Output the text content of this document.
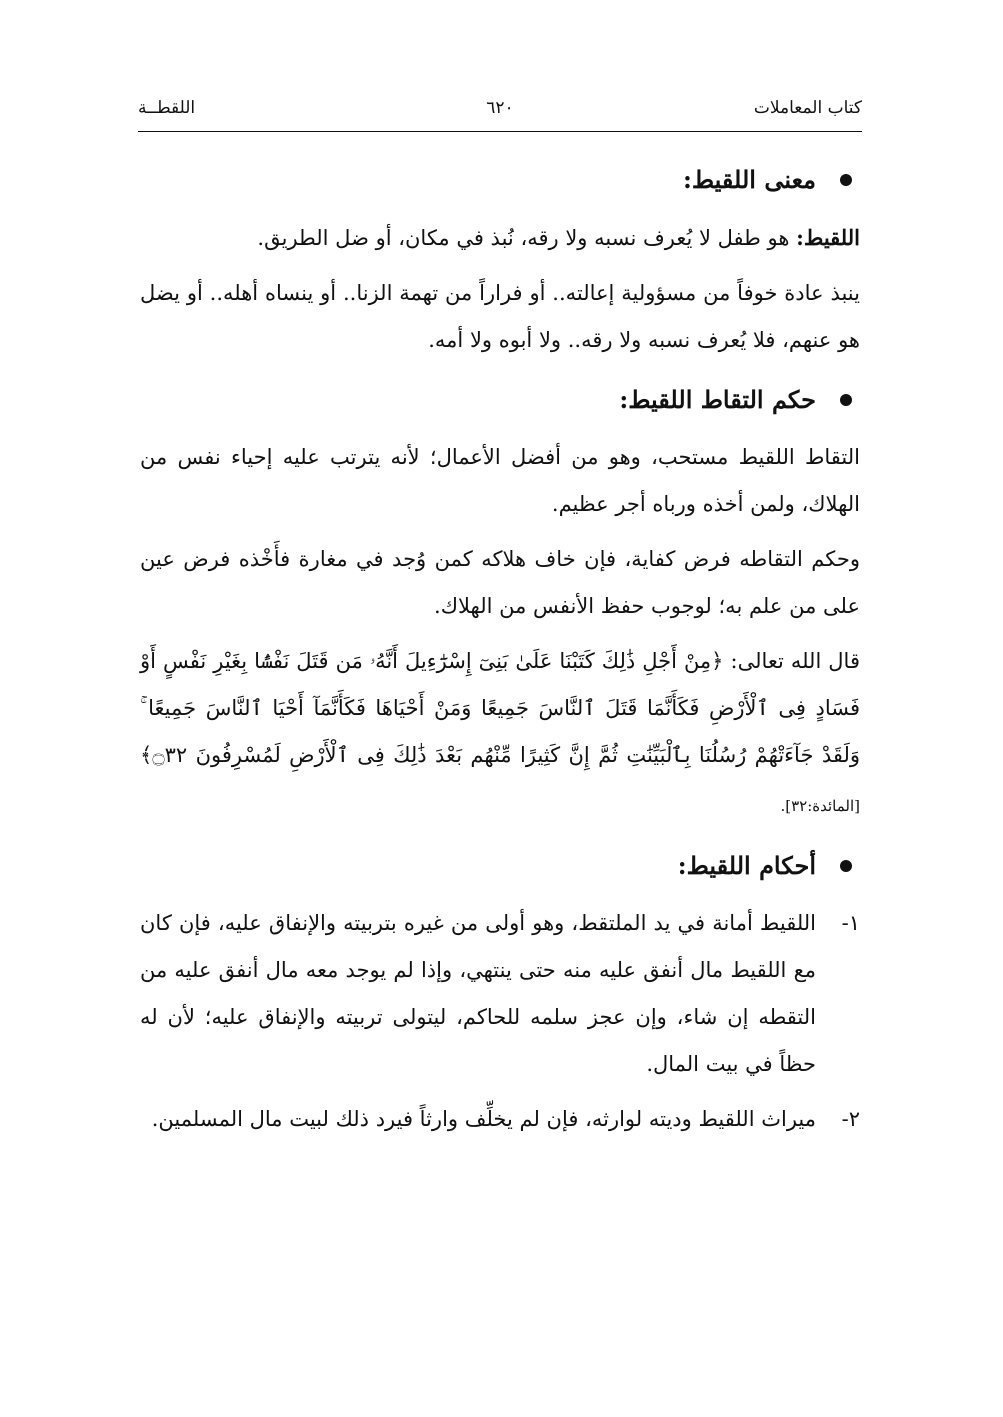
كتاب المعاملات
٦٢٠
اللقطــة
معنى اللقيط:
اللقيط: هو طفل لا يُعرف نسبه ولا رقه، نُبذ في مكان، أو ضل الطريق.
ينبذ عادة خوفاً من مسؤولية إعالته.. أو فراراً من تهمة الزنا.. أو ينساه أهله.. أو يضل هو عنهم، فلا يُعرف نسبه ولا رقه.. ولا أبوه ولا أمه.
حكم التقاط اللقيط:
التقاط اللقيط مستحب، وهو من أفضل الأعمال؛ لأنه يترتب عليه إحياء نفس من الهلاك، ولمن أخذه ورباه أجر عظيم.
وحكم التقاطه فرض كفاية، فإن خاف هلاكه كمن وُجد في مغارة فأَخْذه فرض عين على من علم به؛ لوجوب حفظ الأنفس من الهلاك.
قال الله تعالى: ﴿مِنْ أَجْلِ ذَٰلِكَ كَتَبْنَا عَلَىٰ بَنِىٓ إِسْرَٰٓءِيلَ أَنَّهُۥ مَن قَتَلَ نَفْسًۢا بِغَيْرِ نَفْسٍ أَوْ فَسَادٍ فِى ٱلْأَرْضِ فَكَأَنَّمَا قَتَلَ ٱلنَّاسَ جَمِيعًا وَمَنْ أَحْيَاهَا فَكَأَنَّمَآ أَحْيَا ٱلنَّاسَ جَمِيعًا ۚ وَلَقَدْ جَآءَتْهُمْ رُسُلُنَا بِٱلْبَيِّنَٰتِ ثُمَّ إِنَّ كَثِيرًا مِّنْهُم بَعْدَ ذَٰلِكَ فِى ٱلْأَرْضِ لَمُسْرِفُونَ ۝٣٢﴾ [المائدة:٣٢].
أحكام اللقيط:
١-
اللقيط أمانة في يد الملتقط، وهو أولى من غيره بتربيته والإنفاق عليه، فإن كان مع اللقيط مال أنفق عليه منه حتى ينتهي، وإذا لم يوجد معه مال أنفق عليه من التقطه إن شاء، وإن عجز سلمه للحاكم، ليتولى تربيته والإنفاق عليه؛ لأن له حظاً في بيت المال.
٢-
ميراث اللقيط وديته لوارثه، فإن لم يخلِّف وارثاً فيرد ذلك لبيت مال المسلمين.
